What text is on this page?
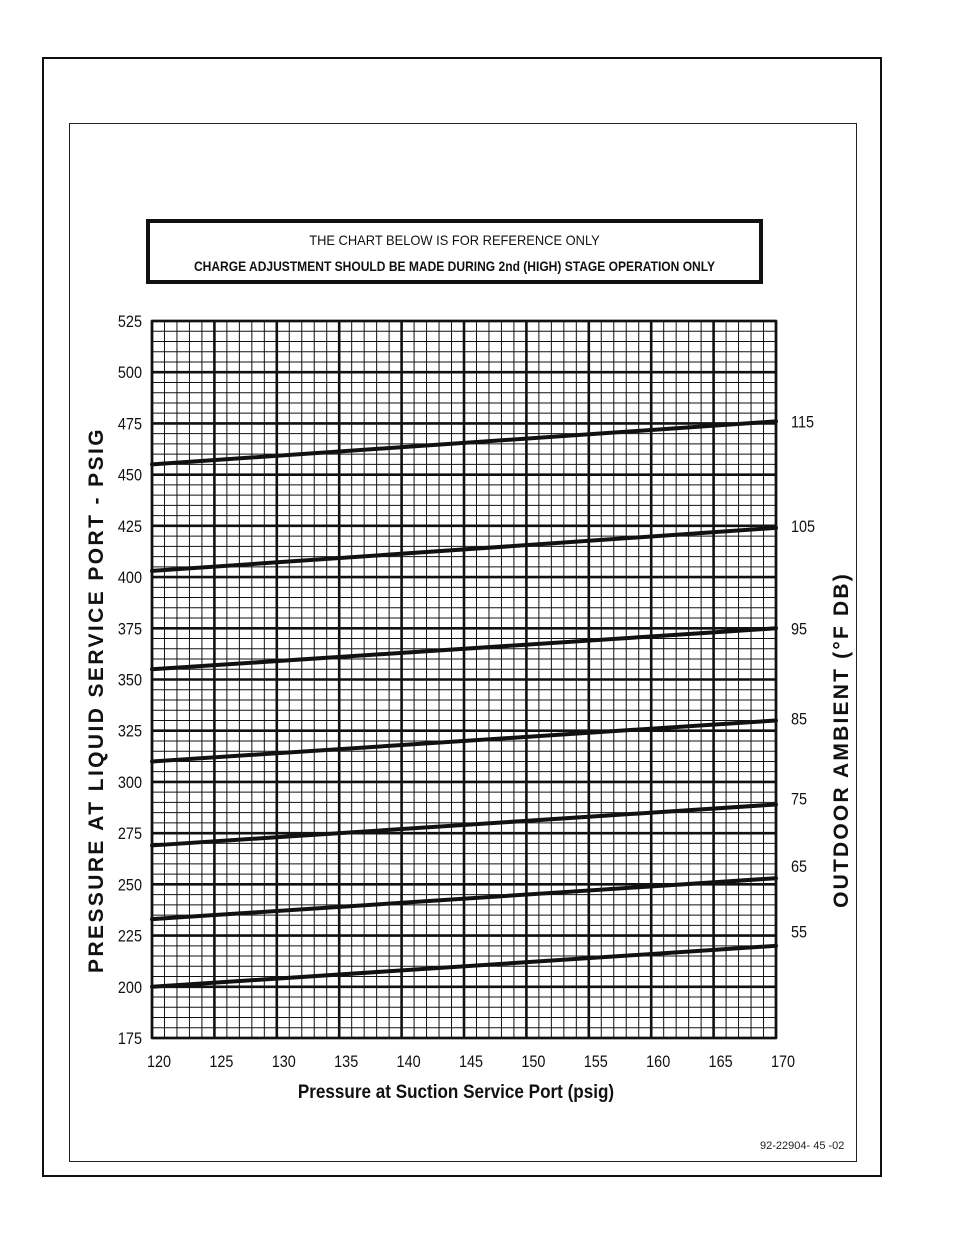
THE CHART BELOW IS FOR REFERENCE ONLY
CHARGE ADJUSTMENT SHOULD BE MADE DURING 2nd (HIGH) STAGE OPERATION ONLY
175
200
225
250
275
300
325
350
375
400
425
450
475
500
525
120 125 130 135 140 145 150 155 160 165 170
115
105
95
85
75
65
55
Pressure at Suction Service Port (psig)
PRESSURE AT LIQUID SERVICE PORT - PSIG	OUTDOOR AMBIENT (°F DB)
92-22904- 45 -02
